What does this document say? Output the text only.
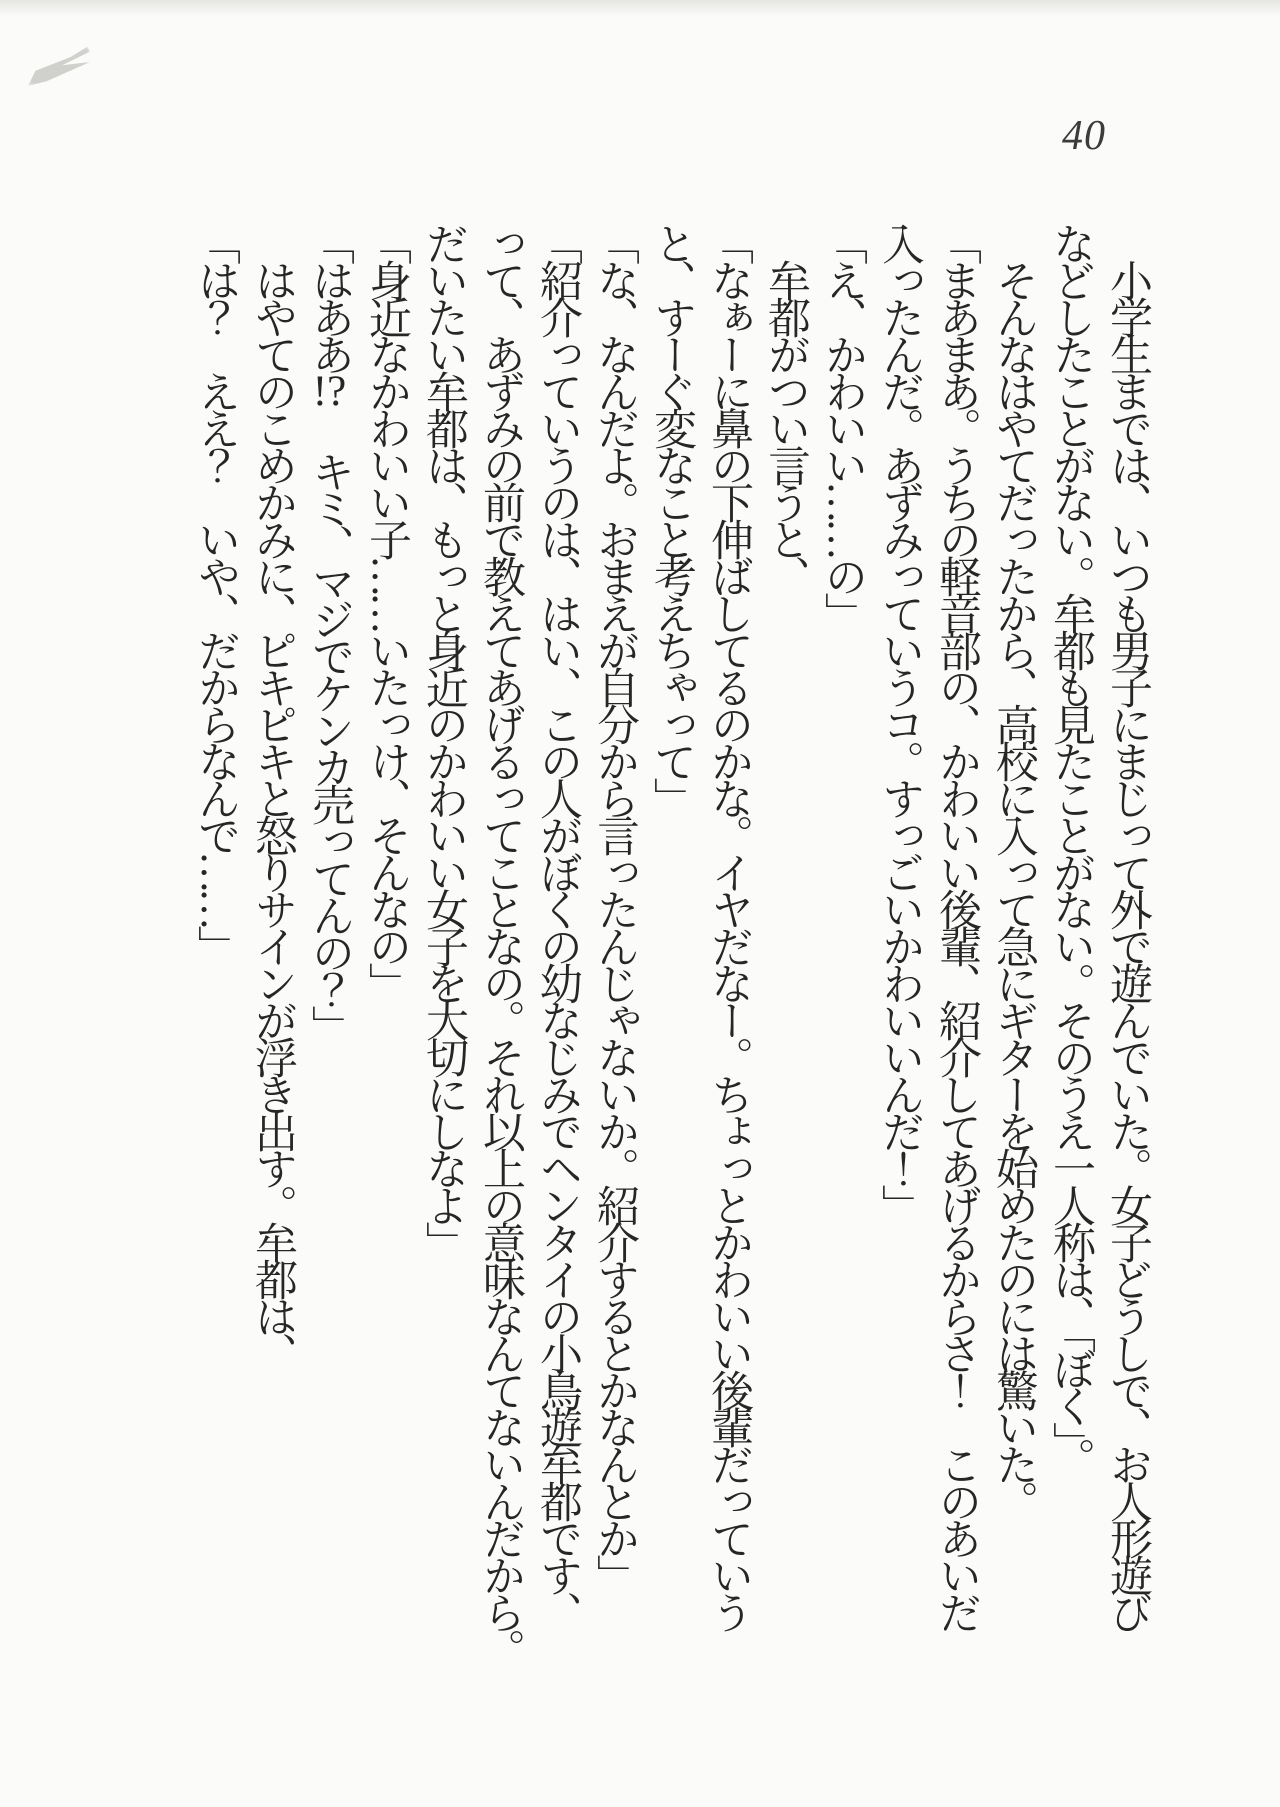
40

小学生までは、いつも男子にまじって外で遊んでいた。女子どうしで、お人形遊び

などしたことがない。牟都も見たことがない。そのうえ一人称は、「ぼく」。

そんなはやてだったから、高校に入って急にギターを始めたのには驚いた。

「まあまあ。うちの軽音部の、かわいい後輩、紹介してあげるからさ！　このあいだ

入ったんだ。あずみっていうコ。すっごいかわいいんだ！」

「え、かわいい……の」

牟都がつい言うと、

「なぁーに鼻の下伸ばしてるのかな。イヤだなー。ちょっとかわいい後輩だっていう

と、すーぐ変なこと考えちゃって」

「な、なんだよ。おまえが自分から言ったんじゃないか。紹介するとかなんとか」

「紹介っていうのは、はい、この人がぼくの幼なじみでヘンタイの小鳥遊牟都です、

って、あずみの前で教えてあげるってことなの。それ以上の意味なんてないんだから。

だいたい牟都は、もっと身近のかわいい女子を大切にしなよ」

「身近なかわいい子……いたっけ、そんなの」

「はああ!?　キミ、マジでケンカ売ってんの？」

はやてのこめかみに、ピキピキと怒りサインが浮き出す。牟都は、

「は？　ええ？　いや、だからなんで……」
